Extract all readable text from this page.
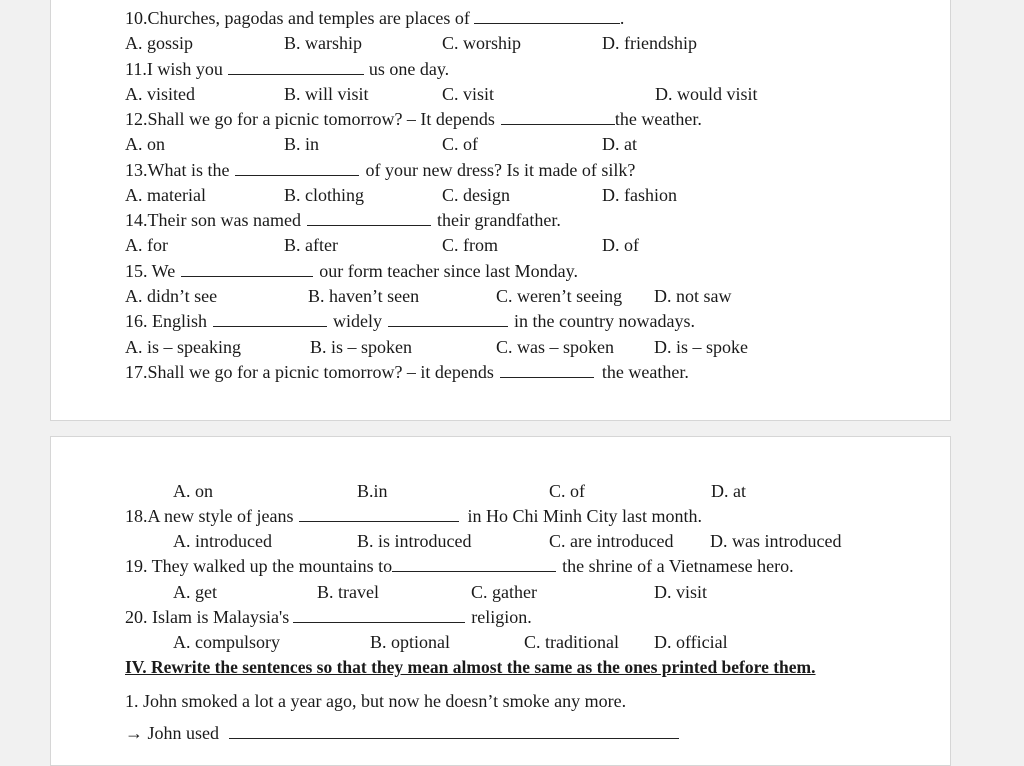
10.Churches, pagodas and temples are places of	.
A. gossip	B. warship	C. worship	D. friendship
11.I wish you	us one day.
A. visited	B. will visit	C. visit	D. would visit
12.Shall we go for a picnic tomorrow? – It depends	the weather.
A. on	B. in	C. of	D. at
13.What is the	of your new dress? Is it made of silk?
A. material	B. clothing	C. design	D. fashion
14.Their son was named	their grandfather.
A. for	B. after	C. from	D. of
15. We	our form teacher since last Monday.
A. didn’t see	B. haven’t seen	C. weren’t seeing D. not saw
16. English	widely	in the country nowadays.
A. is – speaking	B. is – spoken	C. was – spoken D. is – spoke
17.Shall we go for a picnic tomorrow? – it depends	the weather.
A. on	B.in	C. of	D. at
18.A new style of jeans	in Ho Chi Minh City last month.
A. introduced	B. is introduced	C. are introduced D. was introduced
19. They walked up the mountains to	the shrine of a Vietnamese hero.
A. get	B. travel	C. gather	D. visit
20. Islam is Malaysia's	religion.
A. compulsory	B. optional	C. traditional D. official
IV. Rewrite the sentences so that they mean almost the same as the ones printed before them.
1. John smoked a lot a year ago, but now he doesn’t smoke any more.
→ John used
